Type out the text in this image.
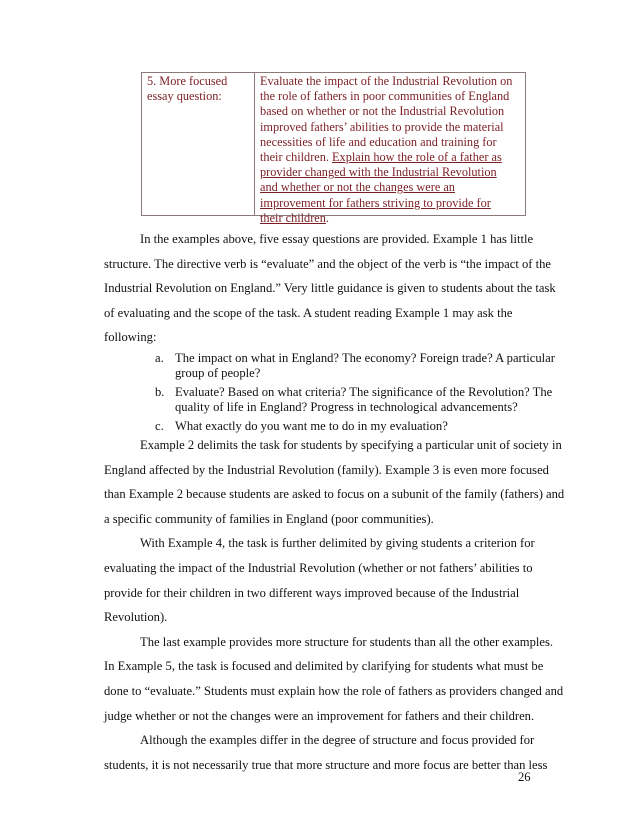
5. More focused
essay question:
Evaluate the impact of the Industrial Revolution on
the role of fathers in poor communities of England
based on whether or not the Industrial Revolution
improved fathers’ abilities to provide the material
necessities of life and education and training for
their children. Explain how the role of a father as
provider changed with the Industrial Revolution
and whether or not the changes were an
improvement for fathers striving to provide for
their children.
In the examples above, five essay questions are provided. Example 1 has little
structure. The directive verb is “evaluate” and the object of the verb is “the impact of the
Industrial Revolution on England.” Very little guidance is given to students about the task
of evaluating and the scope of the task. A student reading Example 1 may ask the
following:
a. The impact on what in England? The economy? Foreign trade? A particular
group of people?
b. Evaluate? Based on what criteria? The significance of the Revolution? The
quality of life in England? Progress in technological advancements?
c. What exactly do you want me to do in my evaluation?
Example 2 delimits the task for students by specifying a particular unit of society in
England affected by the Industrial Revolution (family). Example 3 is even more focused
than Example 2 because students are asked to focus on a subunit of the family (fathers) and
a specific community of families in England (poor communities).
With Example 4, the task is further delimited by giving students a criterion for
evaluating the impact of the Industrial Revolution (whether or not fathers’ abilities to
provide for their children in two different ways improved because of the Industrial
Revolution).
The last example provides more structure for students than all the other examples.
In Example 5, the task is focused and delimited by clarifying for students what must be
done to “evaluate.” Students must explain how the role of fathers as providers changed and
judge whether or not the changes were an improvement for fathers and their children.
Although the examples differ in the degree of structure and focus provided for
students, it is not necessarily true that more structure and more focus are better than less
26
